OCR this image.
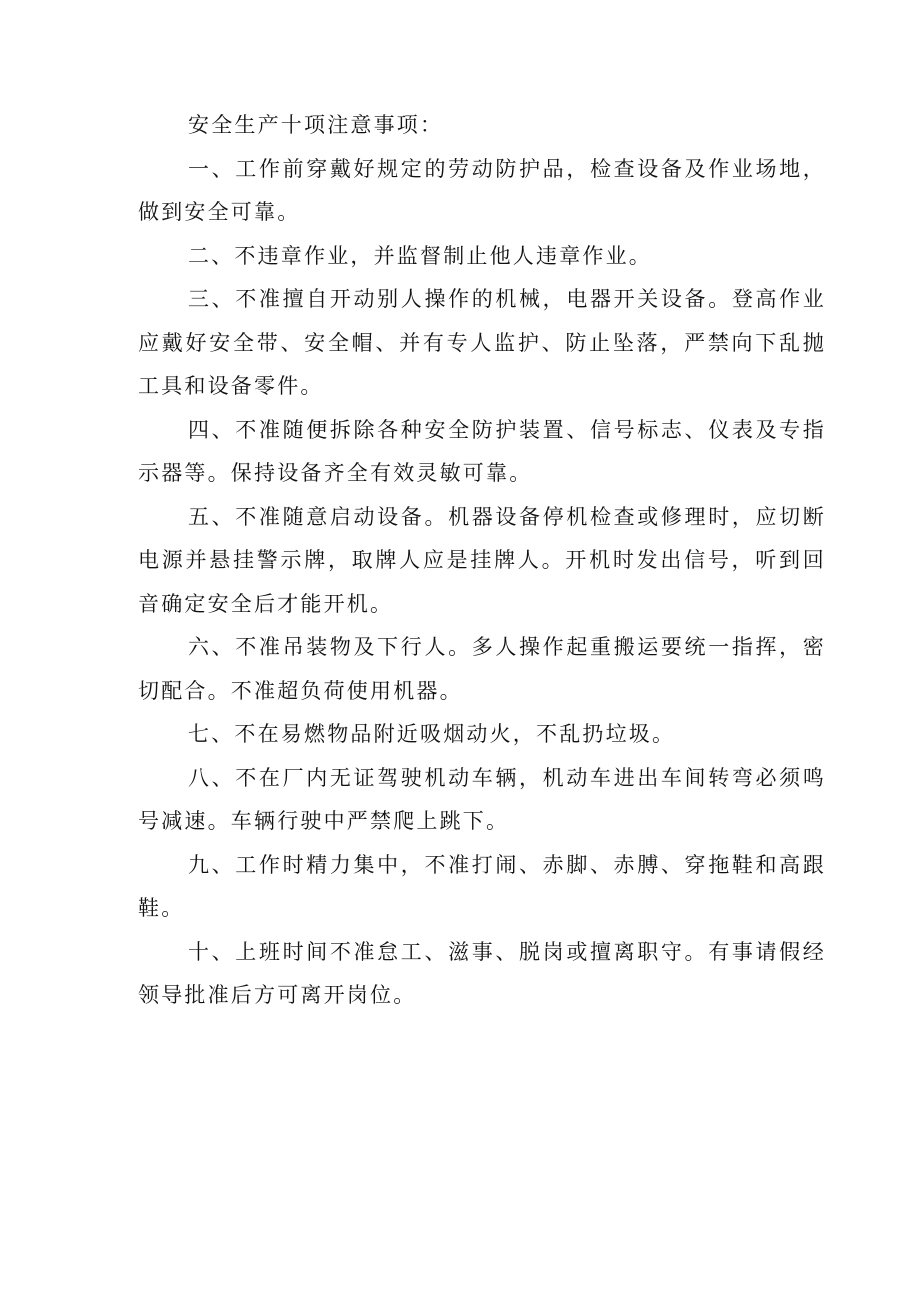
安全生产十项注意事项：

一、工作前穿戴好规定的劳动防护品，检查设备及作业场地，做到安全可靠。

二、不违章作业，并监督制止他人违章作业。

三、不准擅自开动别人操作的机械，电器开关设备。登高作业应戴好安全带、安全帽、并有专人监护、防止坠落，严禁向下乱抛工具和设备零件。

四、不准随便拆除各种安全防护装置、信号标志、仪表及专指示器等。保持设备齐全有效灵敏可靠。

五、不准随意启动设备。机器设备停机检查或修理时，应切断电源并悬挂警示牌，取牌人应是挂牌人。开机时发出信号，听到回音确定安全后才能开机。

六、不准吊装物及下行人。多人操作起重搬运要统一指挥，密切配合。不准超负荷使用机器。

七、不在易燃物品附近吸烟动火，不乱扔垃圾。

八、不在厂内无证驾驶机动车辆，机动车进出车间转弯必须鸣号减速。车辆行驶中严禁爬上跳下。

九、工作时精力集中，不准打闹、赤脚、赤膊、穿拖鞋和高跟鞋。

十、上班时间不准怠工、滋事、脱岗或擅离职守。有事请假经领导批准后方可离开岗位。
